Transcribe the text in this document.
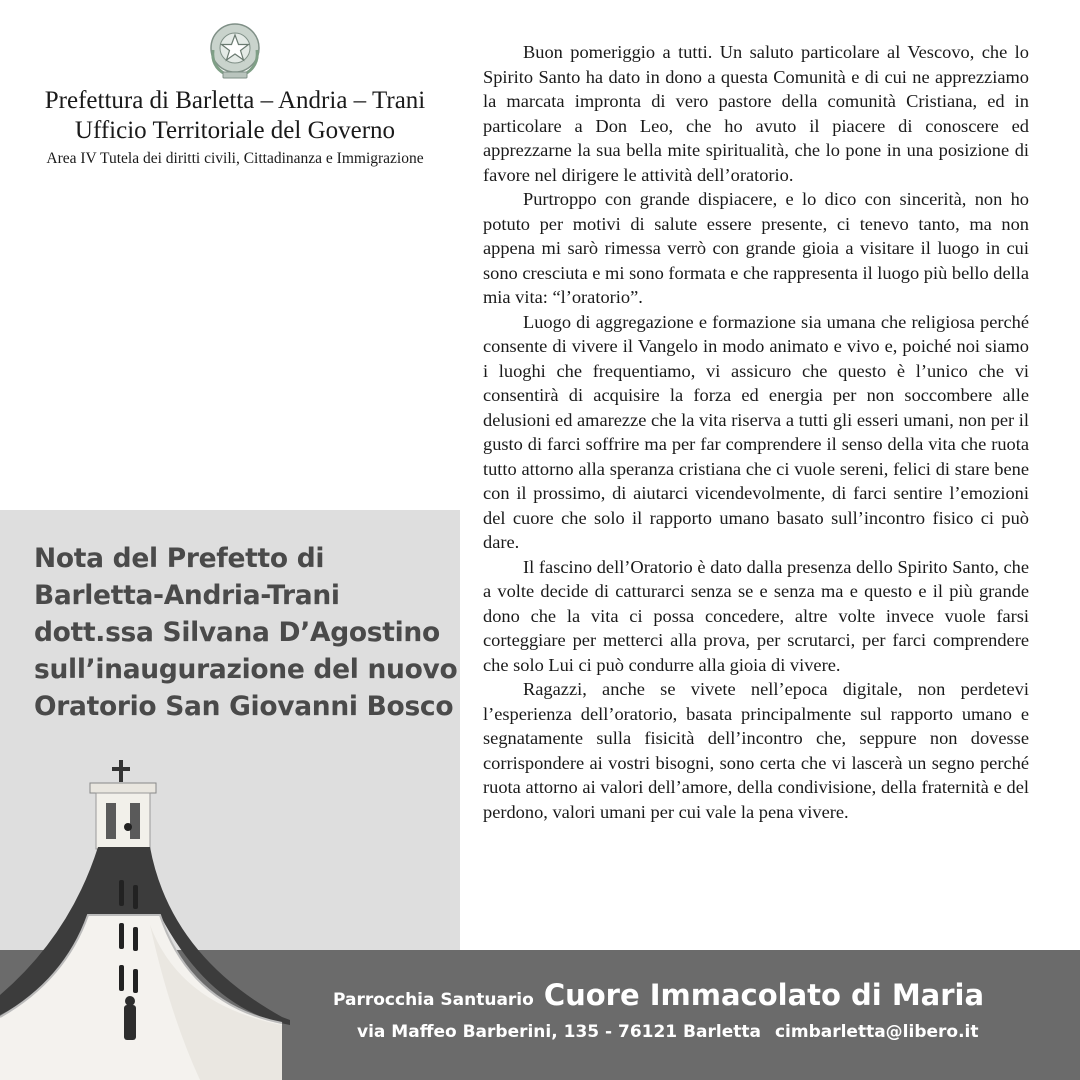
Prefettura di Barletta – Andria – Trani
Ufficio Territoriale del Governo
Area IV Tutela dei diritti civili, Cittadinanza e Immigrazione
Nota del Prefetto di
Barletta-Andria-Trani
dott.ssa Silvana D’Agostino
sull’inaugurazione del nuovo
Oratorio San Giovanni Bosco

Buon pomeriggio a tutti. Un saluto particolare al Vescovo, che lo Spirito Santo ha dato in dono a questa Comunità e di cui ne apprezziamo la marcata impronta di vero pastore della comunità Cristiana, ed in particolare a Don Leo, che ho avuto il piacere di conoscere ed apprezzarne la sua bella mite spiritualità, che lo pone in una posizione di favore nel dirigere le attività dell’oratorio.

Purtroppo con grande dispiacere, e lo dico con sincerità, non ho potuto per motivi di salute essere presente, ci tenevo tanto, ma non appena mi sarò rimessa verrò con grande gioia a visitare il luogo in cui sono cresciuta e mi sono formata e che rappresenta il luogo più bello della mia vita: “l’oratorio”.

Luogo di aggregazione e formazione sia umana che religiosa perché consente di vivere il Vangelo in modo animato e vivo e, poiché noi siamo i luoghi che frequentiamo, vi assicuro che questo è l’unico che vi consentirà di acquisire la forza ed energia per non soccombere alle delusioni ed amarezze che la vita riserva a tutti gli esseri umani, non per il gusto di farci soffrire ma per far comprendere il senso della vita che ruota tutto attorno alla speranza cristiana che ci vuole sereni, felici di stare bene con il prossimo, di aiutarci vicendevolmente, di farci sentire l’emozioni del cuore che solo il rapporto umano basato sull’incontro fisico ci può dare.

Il fascino dell’Oratorio è dato dalla presenza dello Spirito Santo, che a volte decide di catturarci senza se e senza ma e questo e il più grande dono che la vita ci possa concedere, altre volte invece vuole farsi corteggiare per metterci alla prova, per scrutarci, per farci comprendere che solo Lui ci può condurre alla gioia di vivere.

Ragazzi, anche se vivete nell’epoca digitale, non perdetevi l’esperienza dell’oratorio, basata principalmente sul rapporto umano e segnatamente sulla fisicità dell’incontro che, seppure non dovesse corrispondere ai vostri bisogni, sono certa che vi lascerà un segno perché ruota attorno ai valori dell’amore, della condivisione, della fraternità e del perdono, valori umani per cui vale la pena vivere.

Parrocchia Santuario Cuore Immacolato di Maria
via Maffeo Barberini, 135 - 76121 Barletta cimbarletta@libero.it
